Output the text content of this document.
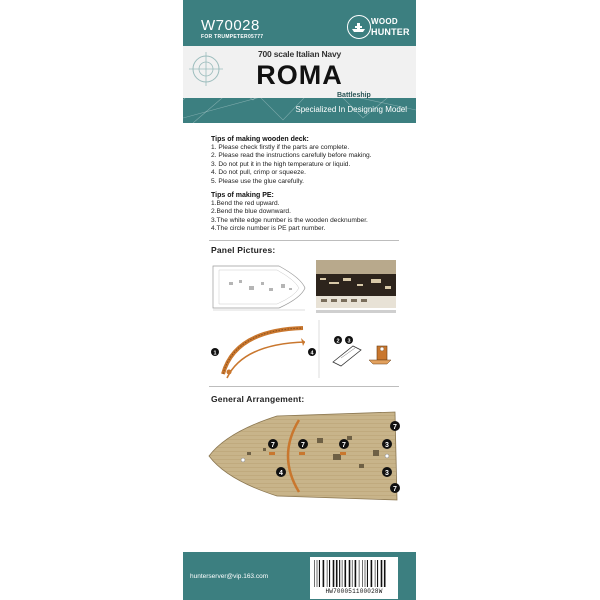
W70028
FOR TRUMPETER05777
WOOD
HUNTER
700 scale Italian Navy
ROMA
Battleship
Specialized In Designing Model
Tips of making wooden deck:
1. Please check firstly if the parts are complete.
2. Please read the instructions carefully before making.
3. Do not put it in the high temperature or liquid.
4. Do not pull, crimp or squeeze.
5. Please use the glue carefully.
Tips of making PE:
1.Bend the red upward.
2.Bend the blue downward.
3.The white edge number is the wooden decknumber.
4.The circle number is PE part number.
Panel Pictures:
1	4
2 3
General Arrangement:
7	7	7
7
7
3
3
4
hunterserver@vip.163.com
HW700051100028W
